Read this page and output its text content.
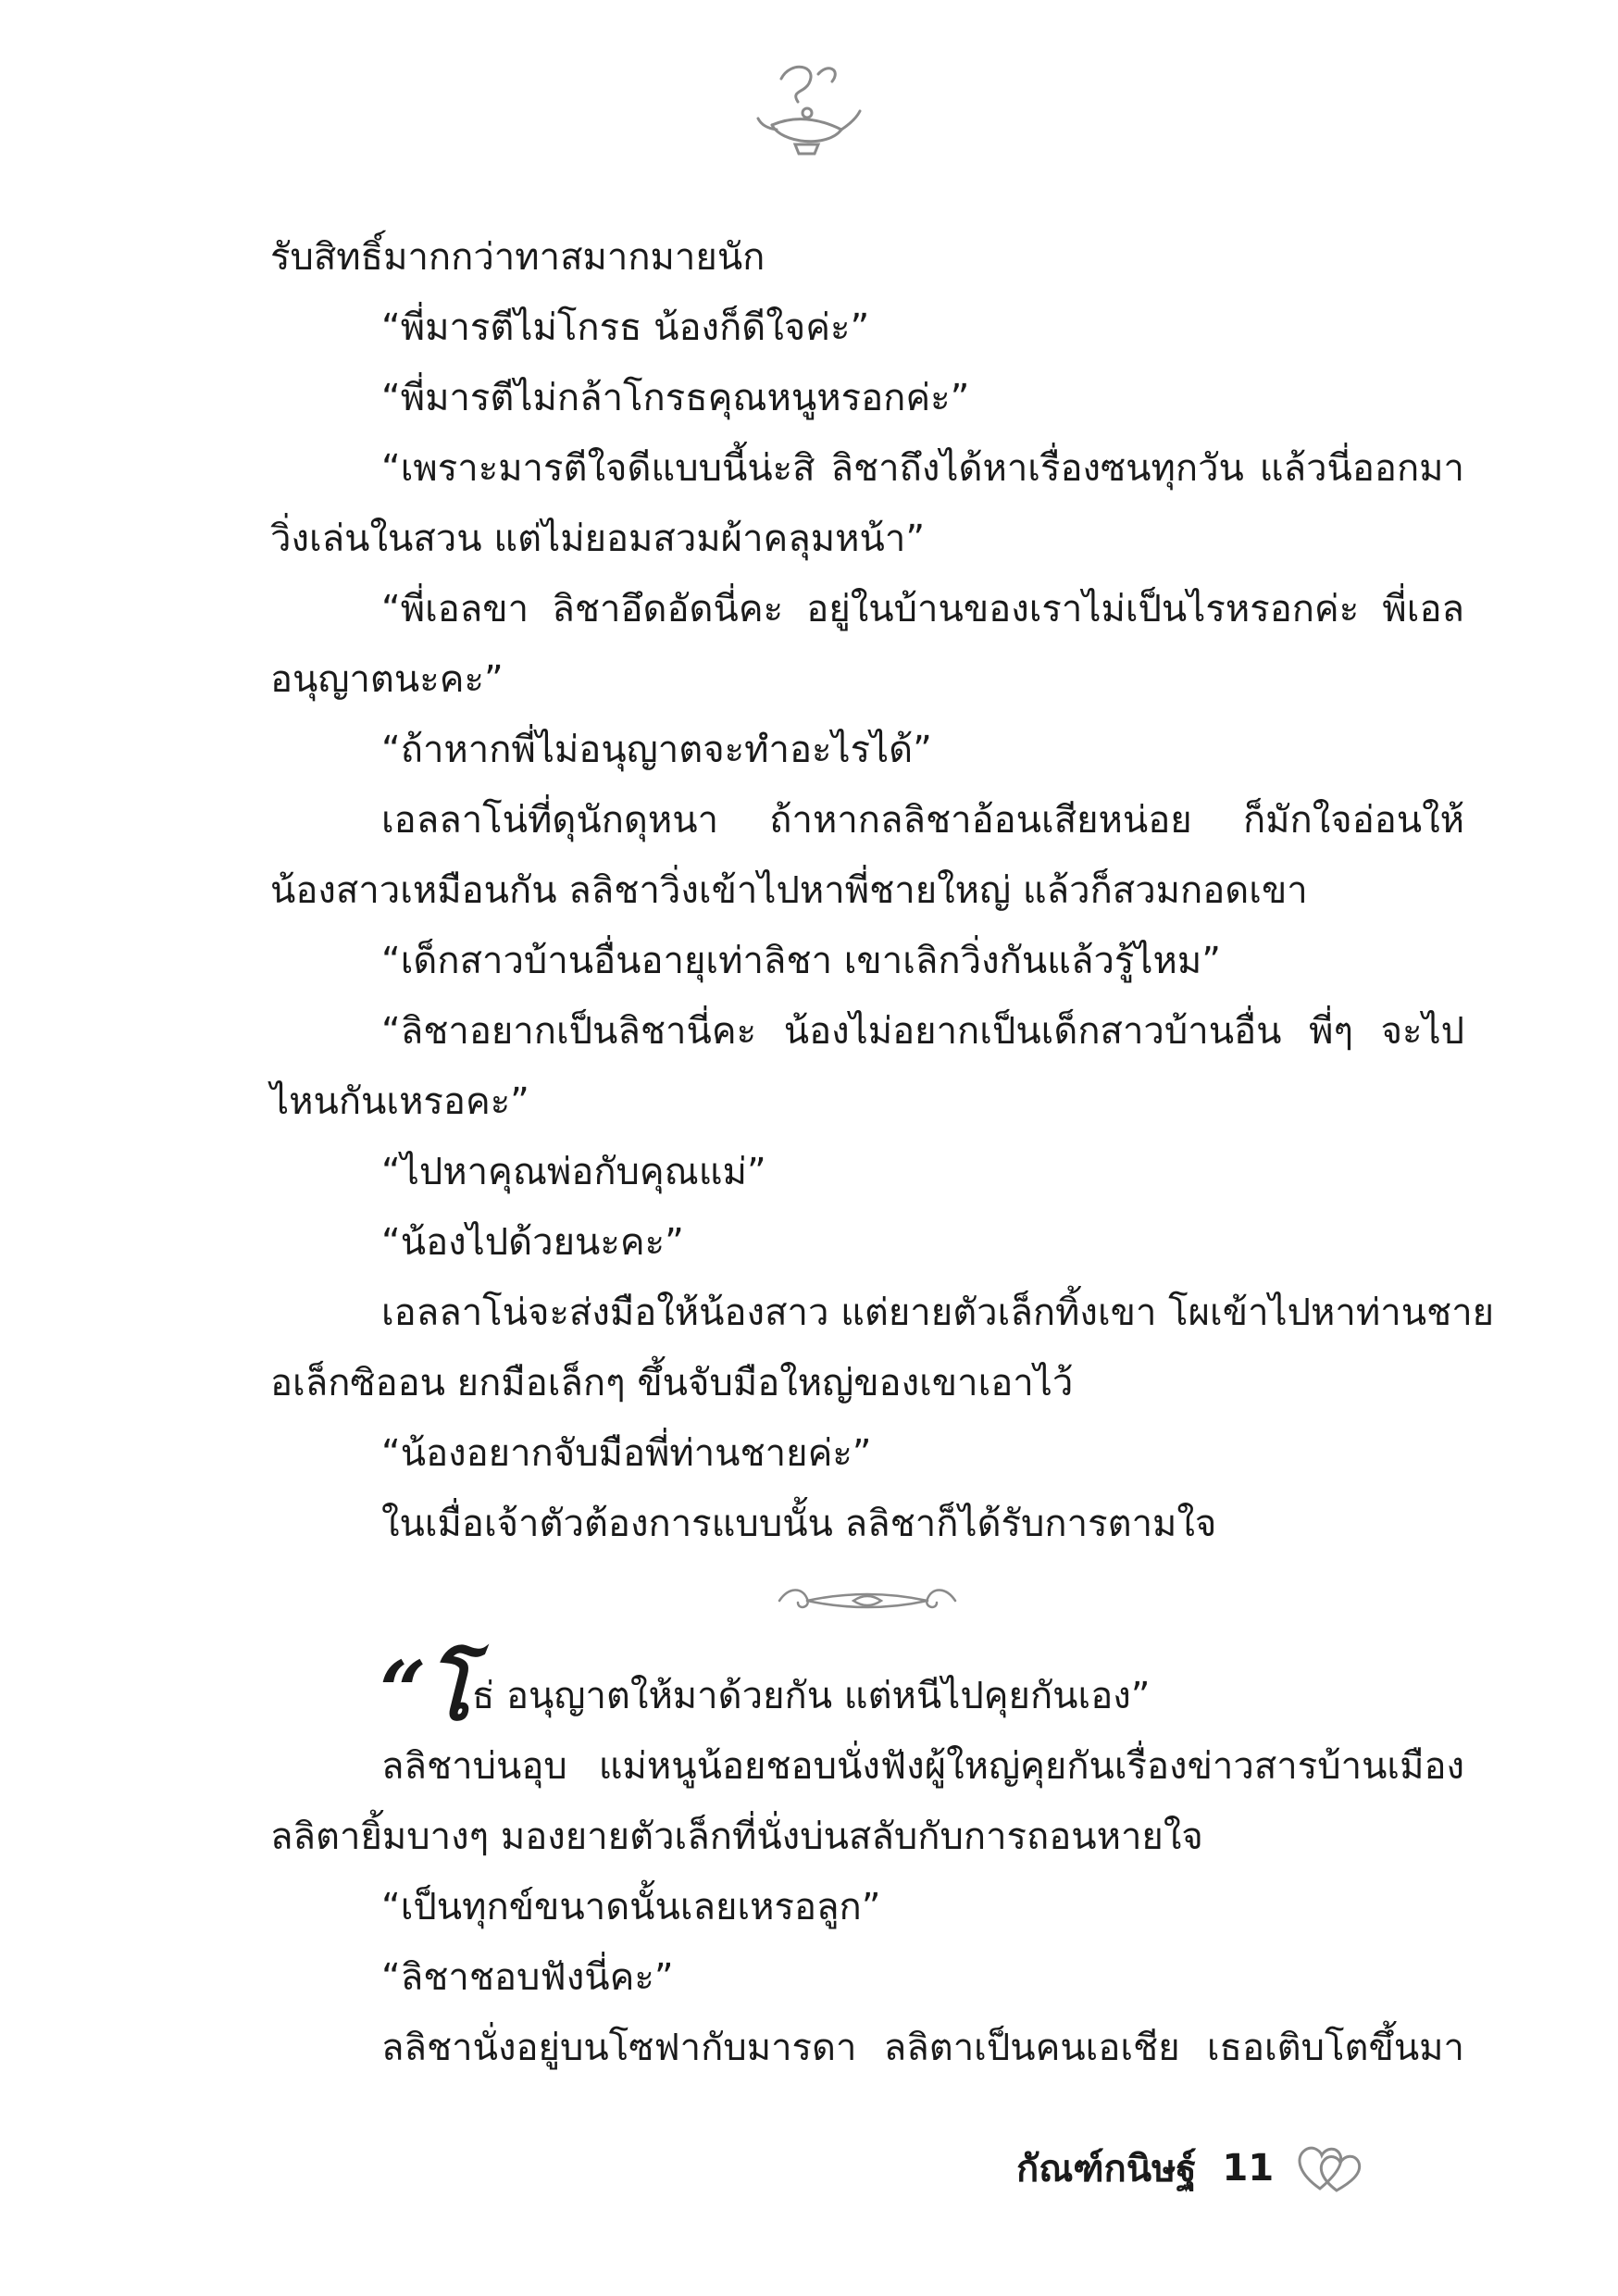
รับสิทธิ์มากกว่าทาสมากมายนัก
“พี่มารตีไม่โกรธ น้องก็ดีใจค่ะ”
“พี่มารตีไม่กล้าโกรธคุณหนูหรอกค่ะ”
“เพราะมารตีใจดีแบบนี้น่ะสิ ลิชาถึงได้หาเรื่องซนทุกวัน แล้วนี่ออกมา
วิ่งเล่นในสวน แต่ไม่ยอมสวมผ้าคลุมหน้า”
“พี่เอลขา ลิชาอึดอัดนี่คะ อยู่ในบ้านของเราไม่เป็นไรหรอกค่ะ พี่เอล
อนุญาตนะคะ”
“ถ้าหากพี่ไม่อนุญาตจะทำอะไรได้”
เอลลาโน่ที่ดุนักดุหนา ถ้าหากลลิชาอ้อนเสียหน่อย ก็มักใจอ่อนให้
น้องสาวเหมือนกัน ลลิชาวิ่งเข้าไปหาพี่ชายใหญ่ แล้วก็สวมกอดเขา
“เด็กสาวบ้านอื่นอายุเท่าลิชา เขาเลิกวิ่งกันแล้วรู้ไหม”
“ลิชาอยากเป็นลิชานี่คะ น้องไม่อยากเป็นเด็กสาวบ้านอื่น พี่ๆ จะไป
ไหนกันเหรอคะ”
“ไปหาคุณพ่อกับคุณแม่”
“น้องไปด้วยนะคะ”
เอลลาโน่จะส่งมือให้น้องสาว แต่ยายตัวเล็กทิ้งเขา โผเข้าไปหาท่านชาย
อเล็กซิออน ยกมือเล็กๆ ขึ้นจับมือใหญ่ของเขาเอาไว้
“น้องอยากจับมือพี่ท่านชายค่ะ”
ในเมื่อเจ้าตัวต้องการแบบนั้น ลลิชาก็ได้รับการตามใจ
“โ ธ่ อนุญาตให้มาด้วยกัน แต่หนีไปคุยกันเอง”
ลลิชาบ่นอุบ แม่หนูน้อยชอบนั่งฟังผู้ใหญ่คุยกันเรื่องข่าวสารบ้านเมือง
ลลิตายิ้มบางๆ มองยายตัวเล็กที่นั่งบ่นสลับกับการถอนหายใจ
“เป็นทุกข์ขนาดนั้นเลยเหรอลูก”
“ลิชาชอบฟังนี่คะ”
ลลิชานั่งอยู่บนโซฟากับมารดา ลลิตาเป็นคนเอเชีย เธอเติบโตขึ้นมา
กัณฑ์กนิษฐ์ 11
